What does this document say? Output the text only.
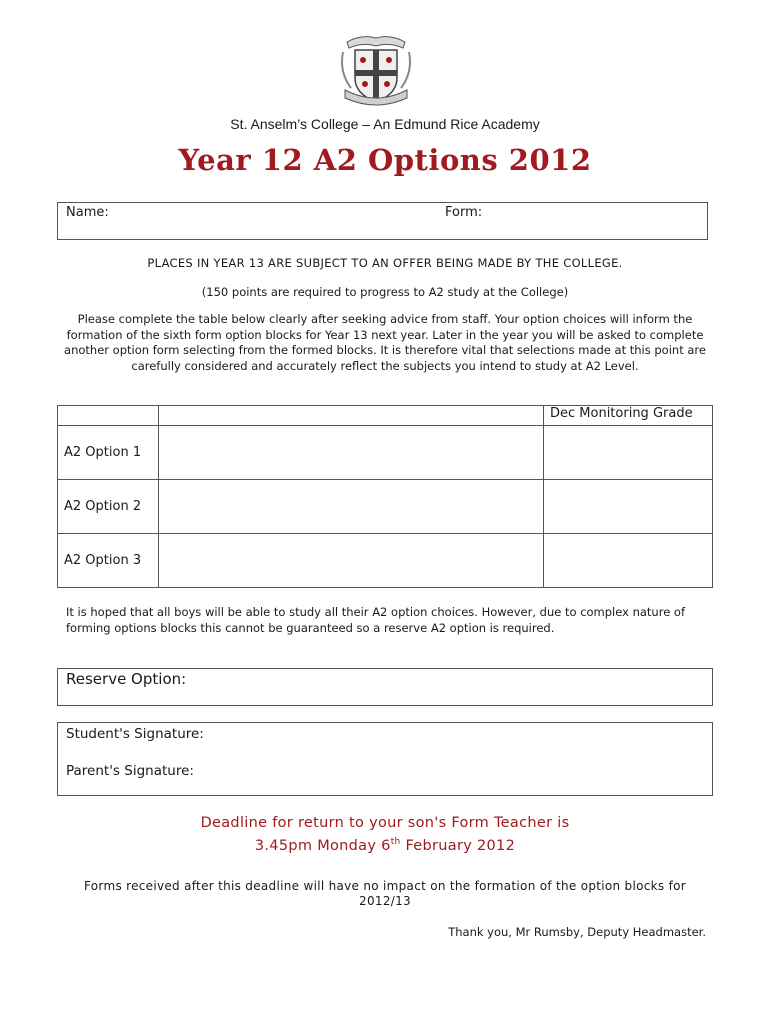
St. Anselm’s College – An Edmund Rice Academy
Year 12 A2 Options 2012
Name:	Form:
PLACES IN YEAR 13 ARE SUBJECT TO AN OFFER BEING MADE BY THE COLLEGE.
(150 points are required to progress to A2 study at the College)
Please complete the table below clearly after seeking advice from staff. Your option choices will inform the formation of the sixth form option blocks for Year 13 next year. Later in the year you will be asked to complete another option form selecting from the formed blocks. It is therefore vital that selections made at this point are carefully considered and accurately reflect the subjects you intend to study at A2 Level.
		Dec Monitoring Grade
A2 Option 1		
A2 Option 2		
A2 Option 3		
It is hoped that all boys will be able to study all their A2 option choices. However, due to complex nature of forming options blocks this cannot be guaranteed so a reserve A2 option is required.
Reserve Option:
Student's Signature:
Parent's Signature:
Deadline for return to your son's Form Teacher is
3.45pm Monday 6th February 2012
Forms received after this deadline will have no impact on the formation of the option blocks for 2012/13
Thank you, Mr Rumsby, Deputy Headmaster.
